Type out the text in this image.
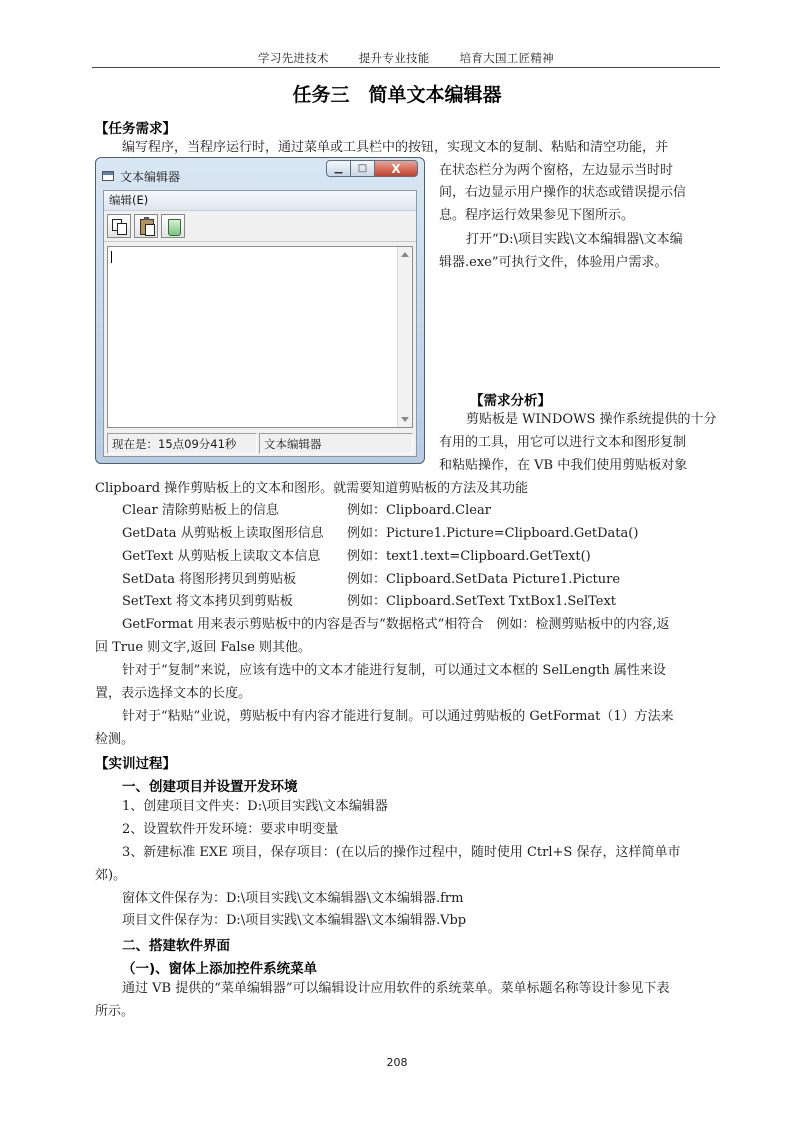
学习先进技术	提升专业技能	培育大国工匠精神
任务三　简单文本编辑器
【任务需求】
编写程序，当程序运行时，通过菜单或工具栏中的按钮，实现文本的复制、粘贴和清空功能，并
在状态栏分为两个窗格，左边显示当时时
间，右边显示用户操作的状态或错误提示信
息。程序运行效果参见下图所示。
打开“D:\项目实践\文本编辑器\文本编
辑器.exe”可执行文件，体验用户需求。
文本编辑器
▁	□	X
编辑(E)
现在是：15点09分41秒	文本编辑器
【需求分析】
剪贴板是 WINDOWS 操作系统提供的十分
有用的工具，用它可以进行文本和图形复制
和粘贴操作，在 VB 中我们使用剪贴板对象
Clipboard 操作剪贴板上的文本和图形。就需要知道剪贴板的方法及其功能
Clear 清除剪贴板上的信息	例如：Clipboard.Clear
GetData 从剪贴板上读取图形信息 例如：Picture1.Picture=Clipboard.GetData()
GetText 从剪贴板上读取文本信息 例如：text1.text=Clipboard.GetText()
SetData 将图形拷贝到剪贴板	例如：Clipboard.SetData Picture1.Picture
SetText 将文本拷贝到剪贴板	例如：Clipboard.SetText TxtBox1.SelText
GetFormat 用来表示剪贴板中的内容是否与“数据格式”相符合　例如：检测剪贴板中的内容,返
回 True 则文字,返回 False 则其他。
针对于“复制”来说，应该有选中的文本才能进行复制，可以通过文本框的 SelLength 属性来设
置，表示选择文本的长度。
针对于“粘贴”业说，剪贴板中有内容才能进行复制。可以通过剪贴板的 GetFormat（1）方法来
检测。
【实训过程】
一、创建项目并设置开发环境
1、创建项目文件夹：D:\项目实践\文本编辑器
2、设置软件开发环境：要求申明变量
3、新建标准 EXE 项目，保存项目：(在以后的操作过程中，随时使用 Ctrl+S 保存，这样简单市
郊)。
窗体文件保存为：D:\项目实践\文本编辑器\文本编辑器.frm
项目文件保存为：D:\项目实践\文本编辑器\文本编辑器.Vbp
二、搭建软件界面
（一)、窗体上添加控件系统菜单
通过 VB 提供的“菜单编辑器”可以编辑设计应用软件的系统菜单。菜单标题名称等设计参见下表
所示。
208
